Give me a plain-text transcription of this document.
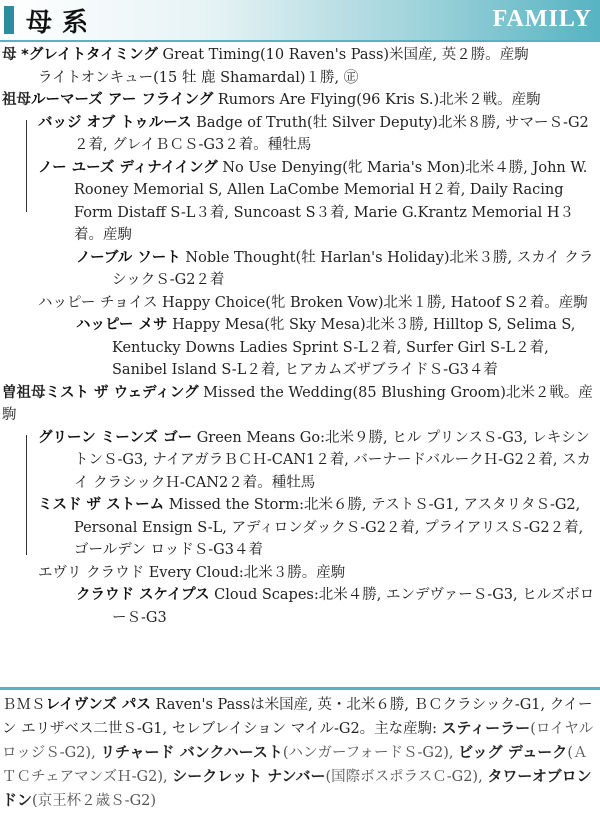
母系	FAMILY
母 *グレイトタイミング Great Timing(10 Raven's Pass)米国産, 英２勝。産駒
ライトオンキュー(15 牡 鹿 Shamardal)１勝, ㊣
祖母ルーマーズ アー フライング Rumors Are Flying(96 Kris S.)北米２戦。産駒
バッジ オブ トゥルース Badge of Truth(牡 Silver Deputy)北米８勝, サマーＳ-G2２着, グレイＢＣＳ-G3２着。種牡馬
ノー ユーズ ディナイイング No Use Denying(牝 Maria's Mon)北米４勝, John W. Rooney Memorial S, Allen LaCombe Memorial H２着, Daily Racing Form Distaff S-L３着, Suncoast S３着, Marie G.Krantz Memorial H３着。産駒
ノーブル ソート Noble Thought(牡 Harlan's Holiday)北米３勝, スカイ クラシックＳ-G2２着
ハッピー チョイス Happy Choice(牝 Broken Vow)北米１勝, Hatoof S２着。産駒
ハッピー メサ Happy Mesa(牝 Sky Mesa)北米３勝, Hilltop S, Selima S, Kentucky Downs Ladies Sprint S-L２着, Surfer Girl S-L２着, Sanibel Island S-L２着, ヒアカムズザブライドＳ-G3４着
曽祖母ミスト ザ ウェディング Missed the Wedding(85 Blushing Groom)北米２戦。産駒
グリーン ミーンズ ゴー Green Means Go:北米９勝, ヒル プリンスＳ-G3, レキシントンＳ-G3, ナイアガラＢＣＨ-CAN1２着, バーナードバルークＨ-G2２着, スカイ クラシックＨ-CAN2２着。種牡馬
ミスド ザ ストーム Missed the Storm:北米６勝, テストＳ-G1, アスタリタＳ-G2, Personal Ensign S-L, アディロンダックＳ-G2２着, プライアリスＳ-G2２着, ゴールデン ロッドＳ-G3４着
エヴリ クラウド Every Cloud:北米３勝。産駒
クラウド スケイプス Cloud Scapes:北米４勝, エンデヴァーＳ-G3, ヒルズボローＳ-G3
ＢＭＳレイヴンズ パス Raven's Passは米国産, 英・北米６勝, ＢＣクラシック-G1, クイーン エリザベス二世Ｓ-G1, セレブレイション マイル-G2。主な産駒: スティーラー(ロイヤル ロッジＳ-G2), リチャード バンクハースト(ハンガーフォードＳ-G2), ビッグ デューク(ＡＴＣチェアマンズＨ-G2), シークレット ナンバー(国際ボスポラスＣ-G2), タワーオブロンドン(京王杯２歳Ｓ-G2)
